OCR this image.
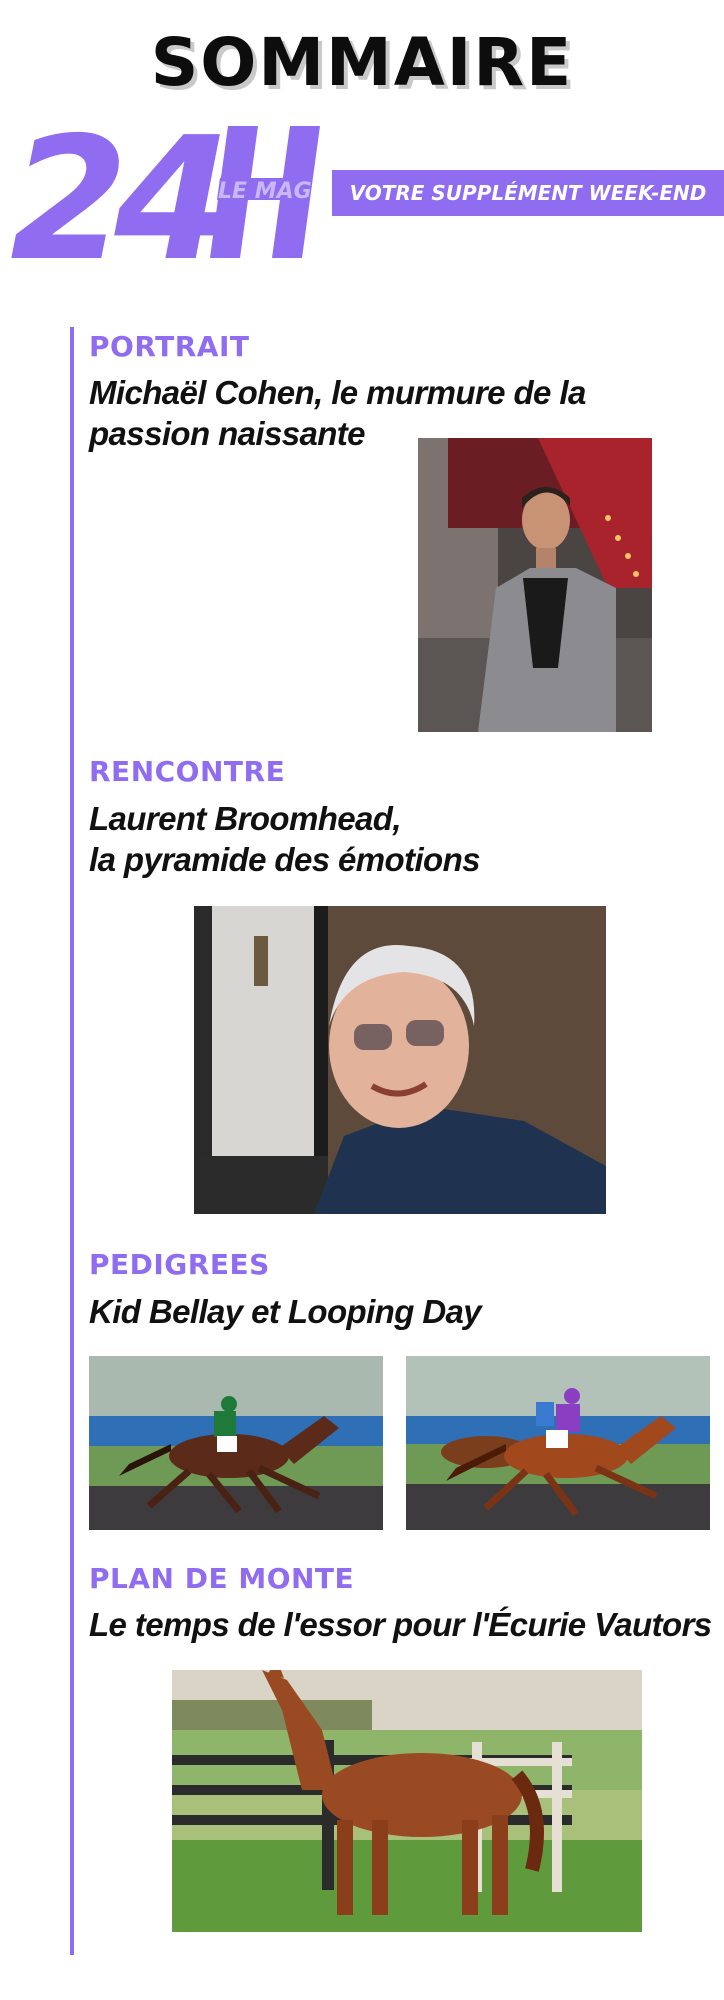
SOMMAIRE
24 LE MAG	VOTRE SUPPLÉMENT WEEK-END
PORTRAIT
Michaël Cohen, le murmure de la
passion naissante
RENCONTRE
Laurent Broomhead,
la pyramide des émotions
PEDIGREES
Kid Bellay et Looping Day
PLAN DE MONTE
Le temps de l'essor pour l'Écurie Vautors
